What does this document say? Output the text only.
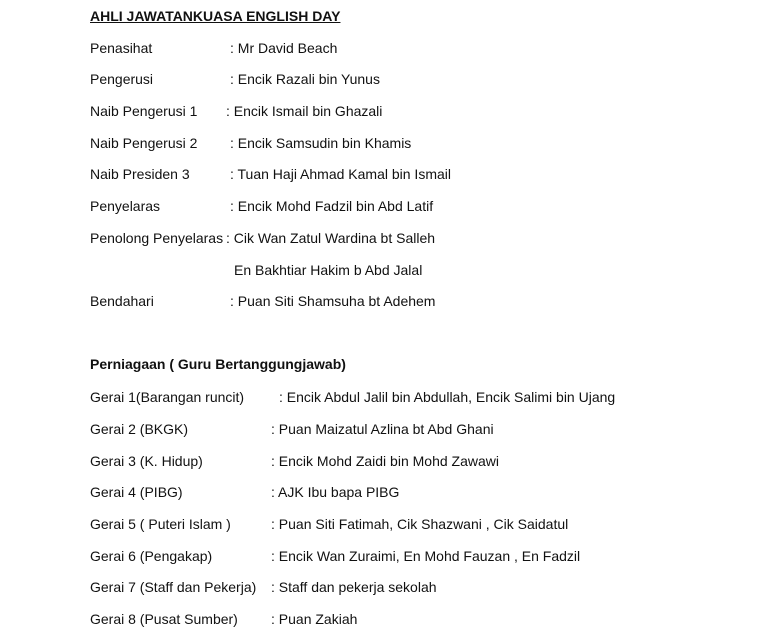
AHLI JAWATANKUASA ENGLISH DAY
Penasihat	: Mr David Beach
Pengerusi	: Encik Razali bin Yunus
Naib Pengerusi 1 : Encik Ismail bin Ghazali
Naib Pengerusi 2 : Encik Samsudin bin Khamis
Naib Presiden 3	: Tuan Haji Ahmad Kamal bin Ismail
Penyelaras	: Encik Mohd Fadzil bin Abd Latif
Penolong Penyelaras : Cik Wan Zatul Wardina bt Salleh
En Bakhtiar Hakim b Abd Jalal
Bendahari	: Puan Siti Shamsuha bt Adehem
Perniagaan ( Guru Bertanggungjawab)
Gerai 1(Barangan runcit) : Encik Abdul Jalil bin Abdullah, Encik Salimi bin Ujang
Gerai 2 (BKGK)	: Puan Maizatul Azlina bt Abd Ghani
Gerai 3 (K. Hidup)	: Encik Mohd Zaidi bin Mohd Zawawi
Gerai 4 (PIBG)	: AJK Ibu bapa PIBG
Gerai 5 ( Puteri Islam )	: Puan Siti Fatimah, Cik Shazwani , Cik Saidatul
Gerai 6 (Pengakap)	: Encik Wan Zuraimi, En Mohd Fauzan , En Fadzil
Gerai 7 (Staff dan Pekerja) : Staff dan pekerja sekolah
Gerai 8 (Pusat Sumber) : Puan Zakiah
